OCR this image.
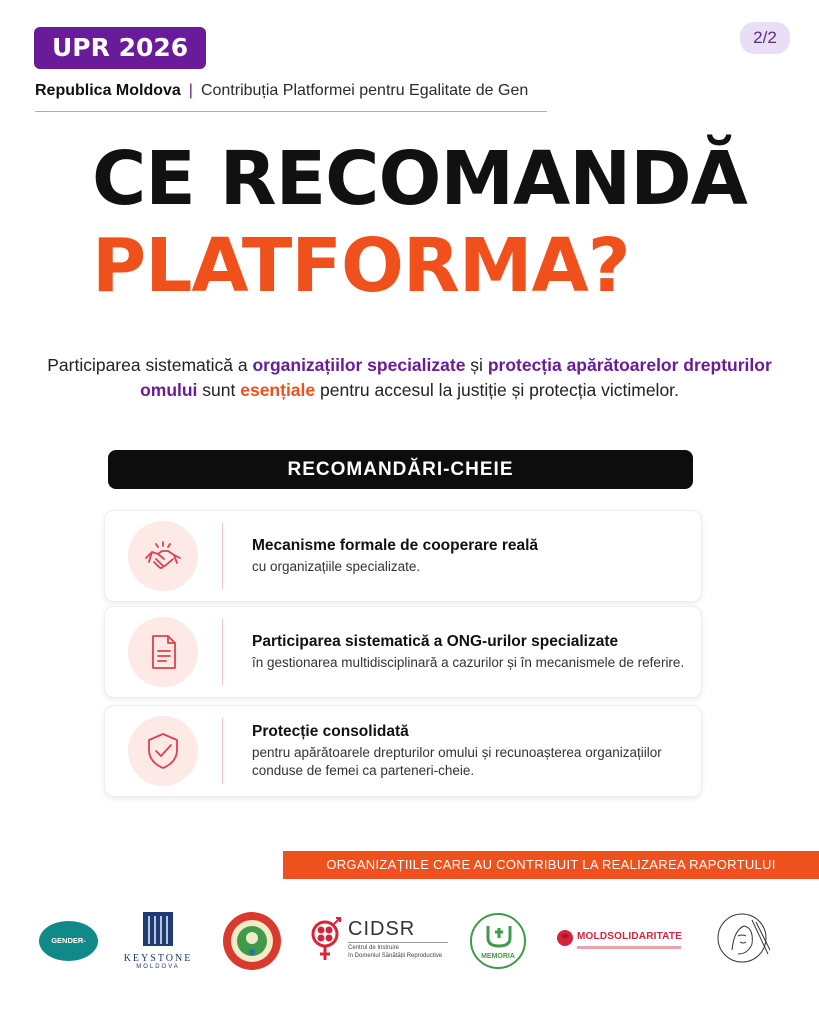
UPR 2026	2/2
Republica Moldova | Contribuția Platformei pentru Egalitate de Gen
CE RECOMANDĂ
PLATFORMA?
Participarea sistematică a organizațiilor specializate și protecția apărătoarelor drepturilor omului sunt esențiale pentru accesul la justiție și protecția victimelor.
RECOMANDĂRI-CHEIE
Mecanisme formale de cooperare reală
cu organizațiile specializate.
Participarea sistematică a ONG-urilor specializate
în gestionarea multidisciplinară a cazurilor și în mecanismele de referire.
Protecție consolidată
pentru apărătoarele drepturilor omului și recunoașterea organizațiilor conduse de femei ca parteneri-cheie.
ORGANIZAȚIILE CARE AU CONTRIBUIT LA REALIZAREA RAPORTULUI
GENDER-CENTRU
KEYSTONE
MOLDOVA
CIDSR
Centrul de Instruire
în Domeniul Sănătății Reproductive	MEMORIA
MOLDSOLIDARITATE
